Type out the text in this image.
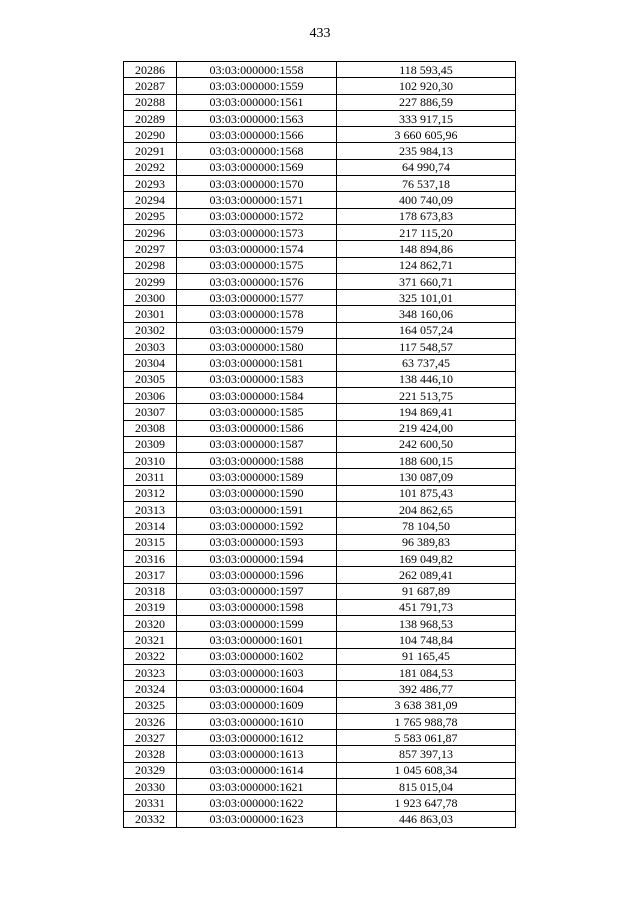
433
20286	03:03:000000:1558	118 593,45
20287	03:03:000000:1559	102 920,30
20288	03:03:000000:1561	227 886,59
20289	03:03:000000:1563	333 917,15
20290	03:03:000000:1566	3 660 605,96
20291	03:03:000000:1568	235 984,13
20292	03:03:000000:1569	64 990,74
20293	03:03:000000:1570	76 537,18
20294	03:03:000000:1571	400 740,09
20295	03:03:000000:1572	178 673,83
20296	03:03:000000:1573	217 115,20
20297	03:03:000000:1574	148 894,86
20298	03:03:000000:1575	124 862,71
20299	03:03:000000:1576	371 660,71
20300	03:03:000000:1577	325 101,01
20301	03:03:000000:1578	348 160,06
20302	03:03:000000:1579	164 057,24
20303	03:03:000000:1580	117 548,57
20304	03:03:000000:1581	63 737,45
20305	03:03:000000:1583	138 446,10
20306	03:03:000000:1584	221 513,75
20307	03:03:000000:1585	194 869,41
20308	03:03:000000:1586	219 424,00
20309	03:03:000000:1587	242 600,50
20310	03:03:000000:1588	188 600,15
20311	03:03:000000:1589	130 087,09
20312	03:03:000000:1590	101 875,43
20313	03:03:000000:1591	204 862,65
20314	03:03:000000:1592	78 104,50
20315	03:03:000000:1593	96 389,83
20316	03:03:000000:1594	169 049,82
20317	03:03:000000:1596	262 089,41
20318	03:03:000000:1597	91 687,89
20319	03:03:000000:1598	451 791,73
20320	03:03:000000:1599	138 968,53
20321	03:03:000000:1601	104 748,84
20322	03:03:000000:1602	91 165,45
20323	03:03:000000:1603	181 084,53
20324	03:03:000000:1604	392 486,77
20325	03:03:000000:1609	3 638 381,09
20326	03:03:000000:1610	1 765 988,78
20327	03:03:000000:1612	5 583 061,87
20328	03:03:000000:1613	857 397,13
20329	03:03:000000:1614	1 045 608,34
20330	03:03:000000:1621	815 015,04
20331	03:03:000000:1622	1 923 647,78
20332	03:03:000000:1623	446 863,03
